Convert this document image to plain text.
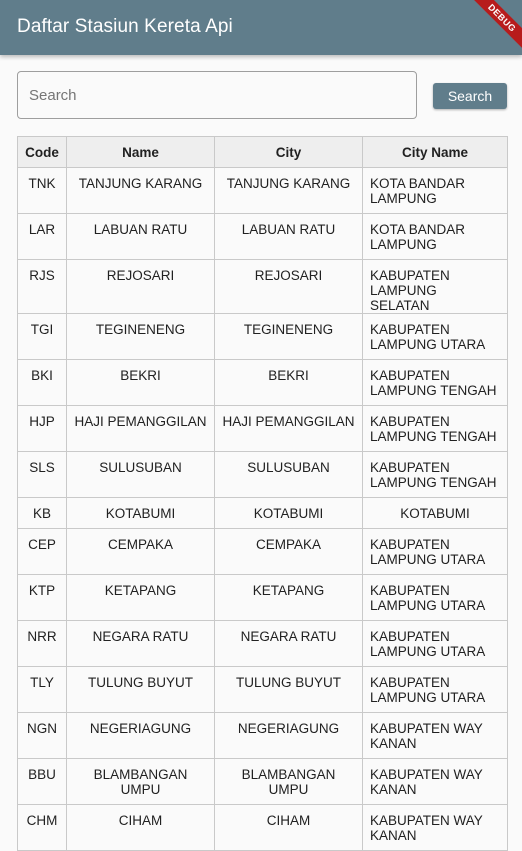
Daftar Stasiun Kereta Api	DEBUG
Search
Search
Code	Name	City	City Name

TNK	TANJUNG KARANG	TANJUNG KARANG	KOTA BANDAR LAMPUNG

LAR	LABUAN RATU	LABUAN RATU	KOTA BANDAR LAMPUNG

RJS	REJOSARI	REJOSARI	KABUPATEN LAMPUNG SELATAN

TGI	TEGINENENG	TEGINENENG	KABUPATEN LAMPUNG UTARA

BKI	BEKRI	BEKRI	KABUPATEN LAMPUNG TENGAH

HJP	HAJI PEMANGGILAN	HAJI PEMANGGILAN	KABUPATEN LAMPUNG TENGAH

SLS	SULUSUBAN	SULUSUBAN	KABUPATEN LAMPUNG TENGAH

KB	KOTABUMI	KOTABUMI	KOTABUMI

CEP	CEMPAKA	CEMPAKA	KABUPATEN LAMPUNG UTARA

KTP	KETAPANG	KETAPANG	KABUPATEN LAMPUNG UTARA

NRR	NEGARA RATU	NEGARA RATU	KABUPATEN LAMPUNG UTARA

TLY	TULUNG BUYUT	TULUNG BUYUT	KABUPATEN LAMPUNG UTARA

NGN	NEGERIAGUNG	NEGERIAGUNG	KABUPATEN WAY KANAN

BBU	BLAMBANGAN UMPU	BLAMBANGAN UMPU	KABUPATEN WAY KANAN

CHM	CIHAM	CIHAM	KABUPATEN WAY KANAN
